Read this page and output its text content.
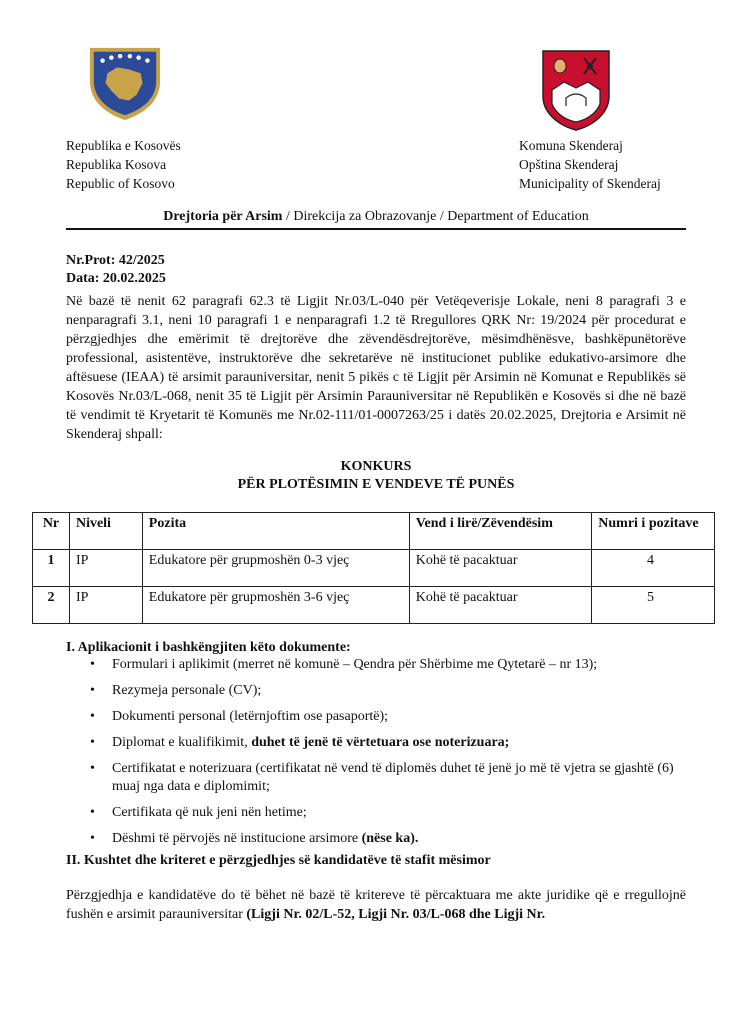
Republika e Kosovës
Republika Kosova
Republic of Kosovo
Komuna Skenderaj
Opština Skenderaj
Municipality of Skenderaj
Drejtoria për Arsim / Direkcija za Obrazovanje / Department of Education
Nr.Prot: 42/2025
Data: 20.02.2025
Në bazë të nenit 62 paragrafi 62.3 të Ligjit Nr.03/L-040 për Vetëqeverisje Lokale, neni 8 paragrafi 3 e nenparagrafi 3.1, neni 10 paragrafi 1 e nenparagrafi 1.2 të Rregullores QRK Nr: 19/2024 për procedurat e përzgjedhjes dhe emërimit të drejtorëve dhe zëvendësdrejtorëve, mësimdhënësve, bashkëpunëtorëve professional, asistentëve, instruktorëve dhe sekretarëve në institucionet publike edukativo-arsimore dhe aftësuese (IEAA) të arsimit parauniversitar, nenit 5 pikës c të Ligjit për Arsimin në Komunat e Republikës së Kosovës Nr.03/L-068, nenit 35 të Ligjit për Arsimin Parauniversitar në Republikën e Kosovës si dhe në bazë të vendimit të Kryetarit të Komunës me Nr.02-111/01-0007263/25 i datës 20.02.2025, Drejtoria e Arsimit në Skenderaj shpall:
KONKURS
PËR PLOTËSIMIN E VENDEVE TË PUNËS
Nr	Niveli	Pozita	Vend i lirë/Zëvendësim	Numri i pozitave
1	IP	Edukatore për grupmoshën 0-3 vjeç	Kohë të pacaktuar	4
2	IP	Edukatore për grupmoshën 3-6 vjeç	Kohë të pacaktuar	5
I. Aplikacionit i bashkëngjiten këto dokumente:
• Formulari i aplikimit (merret në komunë – Qendra për Shërbime me Qytetarë – nr 13);
• Rezymeja personale (CV);
• Dokumenti personal (letërnjoftim ose pasaportë);
• Diplomat e kualifikimit, duhet të jenë të vërtetuara ose noterizuara;
• Certifikatat e noterizuara (certifikatat në vend të diplomës duhet të jenë jo më të vjetra se gjashtë (6) muaj nga data e diplomimit;
• Certifikata që nuk jeni nën hetime;
• Dëshmi të përvojës në institucione arsimore (nëse ka).
II. Kushtet dhe kriteret e përzgjedhjes së kandidatëve të stafit mësimor
Përzgjedhja e kandidatëve do të bëhet në bazë të kritereve të përcaktuara me akte juridike që e rregullojnë fushën e arsimit parauniversitar (Ligji Nr. 02/L-52, Ligji Nr. 03/L-068 dhe Ligji Nr.
